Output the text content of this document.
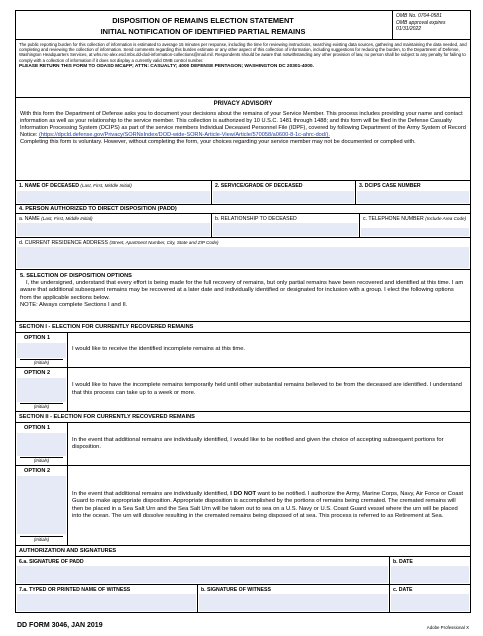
DISPOSITION OF REMAINS ELECTION STATEMENT
INITIAL NOTIFICATION OF IDENTIFIED PARTIAL REMAINS
OMB No. 0704-0581
OMB approval expires
01/31/2022
The public reporting burden for this collection of information is estimated to average 15 minutes per response, including the time for reviewing instructions, searching existing data sources, gathering and maintaining the data needed, and completing and reviewing the collection of information. Send comments regarding this burden estimate or any other aspect of this collection of information, including suggestions for reducing the burden, to the Department of Defense, Washington Headquarters Services, at whs.mc-alex.esd.mbx.dd-dod-information-collections@mail.mil. Respondents should be aware that notwithstanding any other provision of law, no person shall be subject to any penalty for failing to comply with a collection of information if it does not display a currently valid OMB control number.
PLEASE RETURN THIS FORM TO ODASD MC&FP; ATTN: CASUALTY; 4000 DEFENSE PENTAGON; WASHINGTON DC 20301-4000.
PRIVACY ADVISORY
With this form the Department of Defense asks you to document your decisions about the remains of your Service Member. This process includes providing your name and contact information as well as your relationship to the service member. This collection is authorized by 10 U.S.C. 1481 through 1488; and this form will be filed in the Defense Casualty Information Processing System (DCIPS) as part of the service members Individual Deceased Personnel File (IDPF), covered by following Department of the Army System of Record Notice: (https://dpcld.defense.gov/Privacy/SORNsIndex/DOD-wide-SORN-Article-View/Article/570058/a0600-8-1c-ahrc-dod/).
Completing this form is voluntary. However, without completing the form, your choices regarding your service member may not be documented or complied with.
1. NAME OF DECEASED (Last, First, Middle Initial)	2. SERVICE/GRADE OF DECEASED	3. DCIPS CASE NUMBER
4. PERSON AUTHORIZED TO DIRECT DISPOSITION (PADD)
a. NAME (Last, First, Middle Initial)	b. RELATIONSHIP TO DECEASED	c. TELEPHONE NUMBER (Include Area Code)
d. CURRENT RESIDENCE ADDRESS (Street, Apartment Number, City, State and ZIP Code)
5. SELECTION OF DISPOSITION OPTIONS
I, the undersigned, understand that every effort is being made for the full recovery of remains, but only partial remains have been recovered and identified at this time. I am aware that additional subsequent remains may be recovered at a later date and individually identified or designated for inclusion with a group. I elect the following options from the applicable sections below.
NOTE: Always complete Sections I and II.
SECTION I - ELECTION FOR CURRENTLY RECOVERED REMAINS
OPTION 1
(Initials)
I would like to receive the identified incomplete remains at this time.
OPTION 2
(Initials)
I would like to have the incomplete remains temporarily held until other substantial remains believed to be from the deceased are identified. I understand that this process can take up to a week or more.
SECTION II - ELECTION FOR CURRENTLY RECOVERED REMAINS
OPTION 1
(Initials)
In the event that additional remains are individually identified, I would like to be notified and given the choice of accepting subsequent portions for disposition.
OPTION 2
(Initials)
In the event that additional remains are individually identified, I DO NOT want to be notified. I authorize the Army, Marine Corps, Navy, Air Force or Coast Guard to make appropriate disposition. Appropriate disposition is accomplished by the portions of remains being cremated. The cremated remains will then be placed in a Sea Salt Urn and the Sea Salt Urn will be taken out to sea on a U.S. Navy or U.S. Coast Guard vessel where the urn will be placed into the ocean. The urn will dissolve resulting in the cremated remains being disposed of at sea. This process is referred to as Retirement at Sea.
AUTHORIZATION AND SIGNATURES
6.a. SIGNATURE OF PADD	b. DATE
7.a. TYPED OR PRINTED NAME OF WITNESS	b. SIGNATURE OF WITNESS	c. DATE
DD FORM 3046, JAN 2019	Adobe Professional X
